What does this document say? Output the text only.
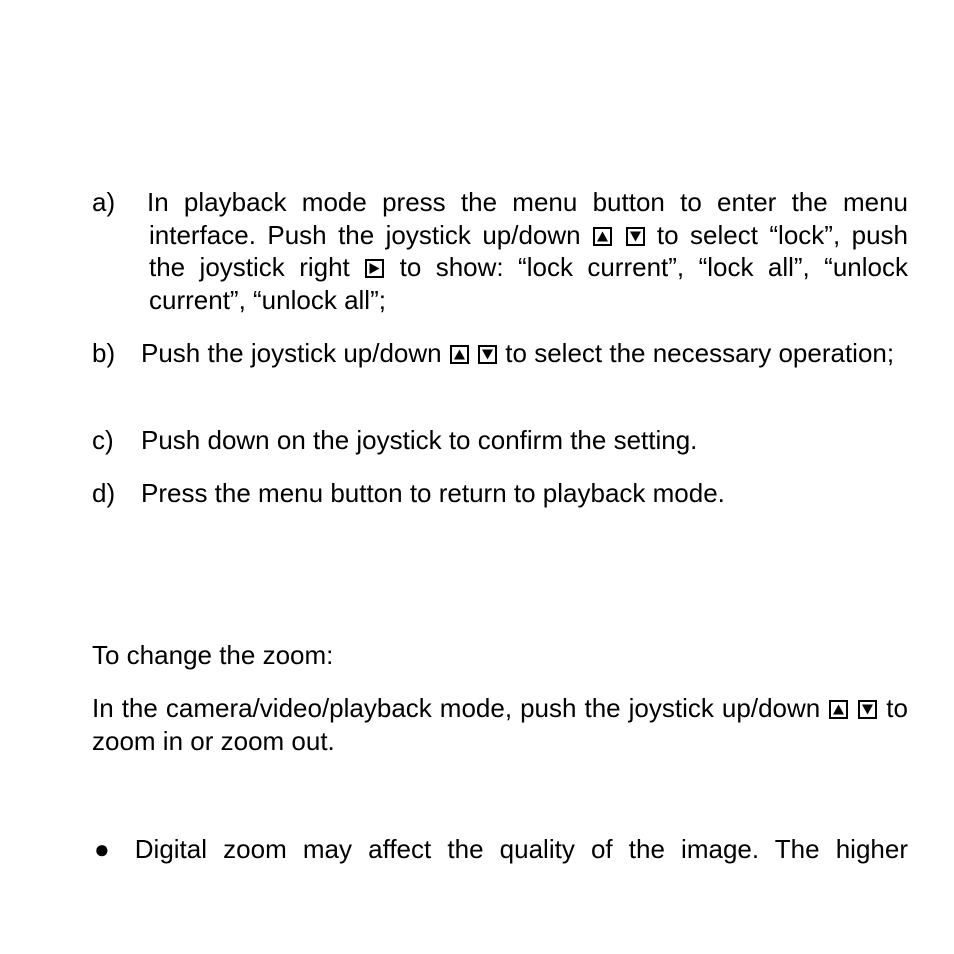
a) In playback mode press the menu button to enter the menu interface. Push the joystick up/down

to select “lock”, push the joystick right
to show: “lock current”, “lock all”, “unlock current”, “unlock all”;
b) Push the joystick up/down

to select the necessary operation;
c) Push down on the joystick to confirm the setting.
d) Press the menu button to return to playback mode.
To change the zoom:
In the camera/video/playback mode, push the joystick up/down

to zoom in or zoom out.
● Digital zoom may affect the quality of the image. The higher
